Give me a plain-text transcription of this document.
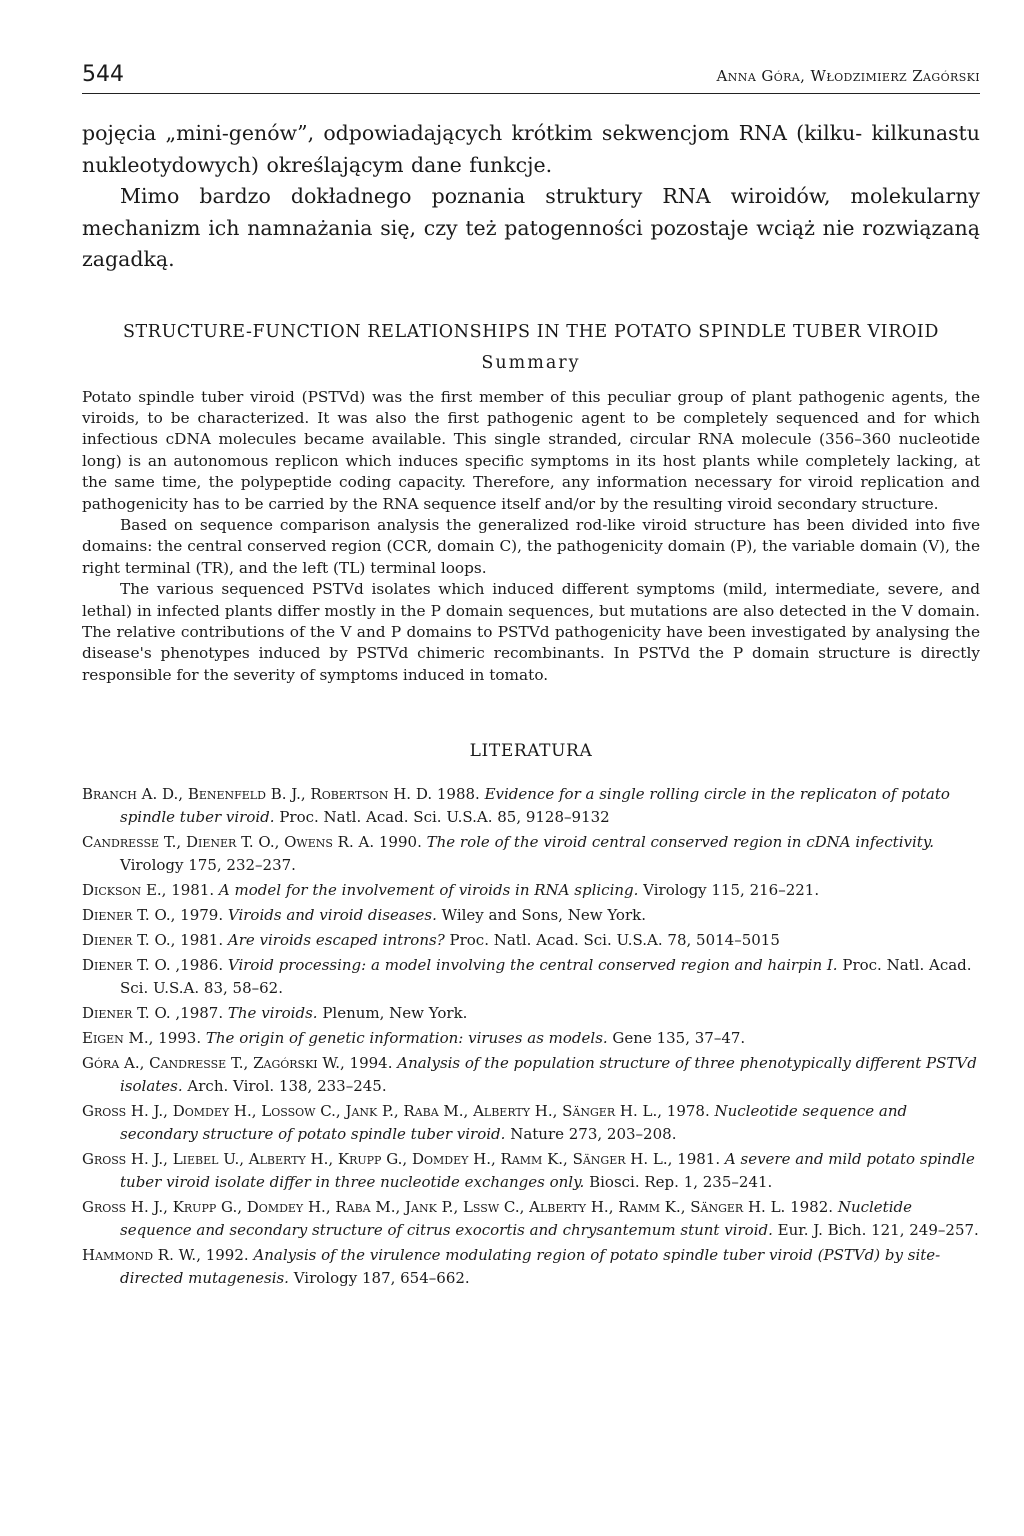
544	Anna Góra, Włodzimierz Zagórski

pojęcia „mini-genów”, odpowiadających krótkim sekwencjom RNA (kilku- kilkunastu nukleotydowych) określającym dane funkcje.

Mimo bardzo dokładnego poznania struktury RNA wiroidów, molekularny mechanizm ich namnażania się, czy też patogenności pozostaje wciąż nie rozwiązaną zagadką.

STRUCTURE-FUNCTION RELATIONSHIPS IN THE POTATO SPINDLE TUBER VIROID
Summary

Potato spindle tuber viroid (PSTVd) was the first member of this peculiar group of plant pathogenic agents, the viroids, to be characterized. It was also the first pathogenic agent to be completely sequenced and for which infectious cDNA molecules became available. This single stranded, circular RNA molecule (356–360 nucleotide long) is an autonomous replicon which induces specific symptoms in its host plants while completely lacking, at the same time, the polypeptide coding capacity. Therefore, any information necessary for viroid replication and pathogenicity has to be carried by the RNA sequence itself and/or by the resulting viroid secondary structure.

Based on sequence comparison analysis the generalized rod-like viroid structure has been divided into five domains: the central conserved region (CCR, domain C), the pathogenicity domain (P), the variable domain (V), the right terminal (TR), and the left (TL) terminal loops.

The various sequenced PSTVd isolates which induced different symptoms (mild, intermediate, severe, and lethal) in infected plants differ mostly in the P domain sequences, but mutations are also detected in the V domain. The relative contributions of the V and P domains to PSTVd pathogenicity have been investigated by analysing the disease's phenotypes induced by PSTVd chimeric recombinants. In PSTVd the P domain structure is directly responsible for the severity of symptoms induced in tomato.

LITERATURA

Branch A. D., Benenfeld B. J., Robertson H. D. 1988. Evidence for a single rolling circle in the replicaton of potato spindle tuber viroid. Proc. Natl. Acad. Sci. U.S.A. 85, 9128–9132

Candresse T., Diener T. O., Owens R. A. 1990. The role of the viroid central conserved region in cDNA infectivity. Virology 175, 232–237.

Dickson E., 1981. A model for the involvement of viroids in RNA splicing. Virology 115, 216–221.

Diener T. O., 1979. Viroids and viroid diseases. Wiley and Sons, New York.

Diener T. O., 1981. Are viroids escaped introns? Proc. Natl. Acad. Sci. U.S.A. 78, 5014–5015

Diener T. O. ,1986. Viroid processing: a model involving the central conserved region and hairpin I. Proc. Natl. Acad. Sci. U.S.A. 83, 58–62.

Diener T. O. ,1987. The viroids. Plenum, New York.

Eigen M., 1993. The origin of genetic information: viruses as models. Gene 135, 37–47.

Góra A., Candresse T., Zagórski W., 1994. Analysis of the population structure of three phenotypically different PSTVd isolates. Arch. Virol. 138, 233–245.

Gross H. J., Domdey H., Lossow C., Jank P., Raba M., Alberty H., Sänger H. L., 1978. Nucleotide sequence and secondary structure of potato spindle tuber viroid. Nature 273, 203–208.

Gross H. J., Liebel U., Alberty H., Krupp G., Domdey H., Ramm K., Sänger H. L., 1981. A severe and mild potato spindle tuber viroid isolate differ in three nucleotide exchanges only. Biosci. Rep. 1, 235–241.

Gross H. J., Krupp G., Domdey H., Raba M., Jank P., Lssw C., Alberty H., Ramm K., Sänger H. L. 1982. Nucletide sequence and secondary structure of citrus exocortis and chrysantemum stunt viroid. Eur. J. Bich. 121, 249–257.

Hammond R. W., 1992. Analysis of the virulence modulating region of potato spindle tuber viroid (PSTVd) by site-directed mutagenesis. Virology 187, 654–662.
